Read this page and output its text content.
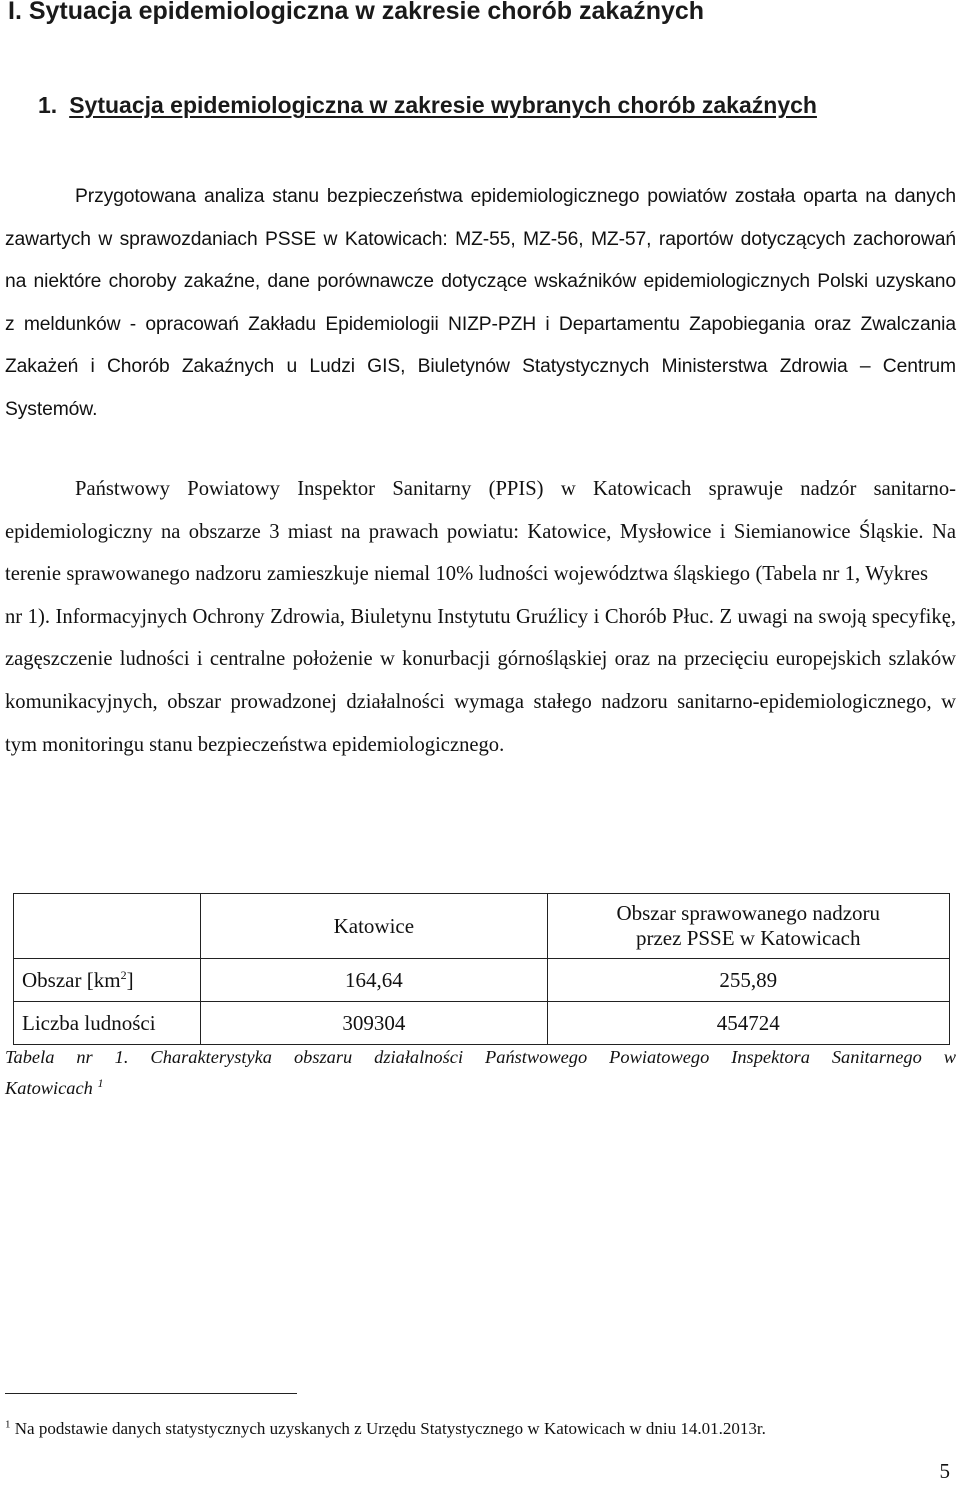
I. Sytuacja epidemiologiczna w zakresie chorób zakaźnych
1. Sytuacja epidemiologiczna w zakresie wybranych chorób zakaźnych

Przygotowana analiza stanu bezpieczeństwa epidemiologicznego powiatów została oparta na danych zawartych w sprawozdaniach PSSE w Katowicach: MZ-55, MZ-56, MZ-57, raportów dotyczących zachorowań na niektóre choroby zakaźne, dane porównawcze dotyczące wskaźników epidemiologicznych Polski uzyskano z meldunków - opracowań Zakładu Epidemiologii NIZP-PZH i Departamentu Zapobiegania oraz Zwalczania Zakażeń i Chorób Zakaźnych u Ludzi GIS, Biuletynów Statystycznych Ministerstwa Zdrowia – Centrum Systemów.

Państwowy Powiatowy Inspektor Sanitarny (PPIS) w Katowicach sprawuje nadzór sanitarno-epidemiologiczny na obszarze 3 miast na prawach powiatu: Katowice, Mysłowice i Siemianowice Śląskie. Na terenie sprawowanego nadzoru zamieszkuje niemal 10% ludności województwa śląskiego (Tabela nr 1, Wykresnr 1). Informacyjnych Ochrony Zdrowia, Biuletynu Instytutu Gruźlicy i Chorób Płuc. Z uwagi na swoją specyfikę, zagęszczenie ludności i centralne położenie w konurbacji górnośląskiej oraz na przecięciu europejskich szlaków komunikacyjnych, obszar prowadzonej działalności wymaga stałego nadzoru sanitarno-epidemiologicznego, w tym monitoringu stanu bezpieczeństwa epidemiologicznego.

	Katowice	Obszar sprawowanego nadzoru
przez PSSE w Katowicach

Obszar $[km^2]$	164,64	255,89
Liczba ludności	309304	454724

Tabela nr 1. Charakterystyka obszaru działalności Państwowego Powiatowego Inspektora Sanitarnego w

Katowicach $^1$

$^1$ Na podstawie danych statystycznych uzyskanych z Urzędu Statystycznego w Katowicach w dniu 14.01.2013r.

5
